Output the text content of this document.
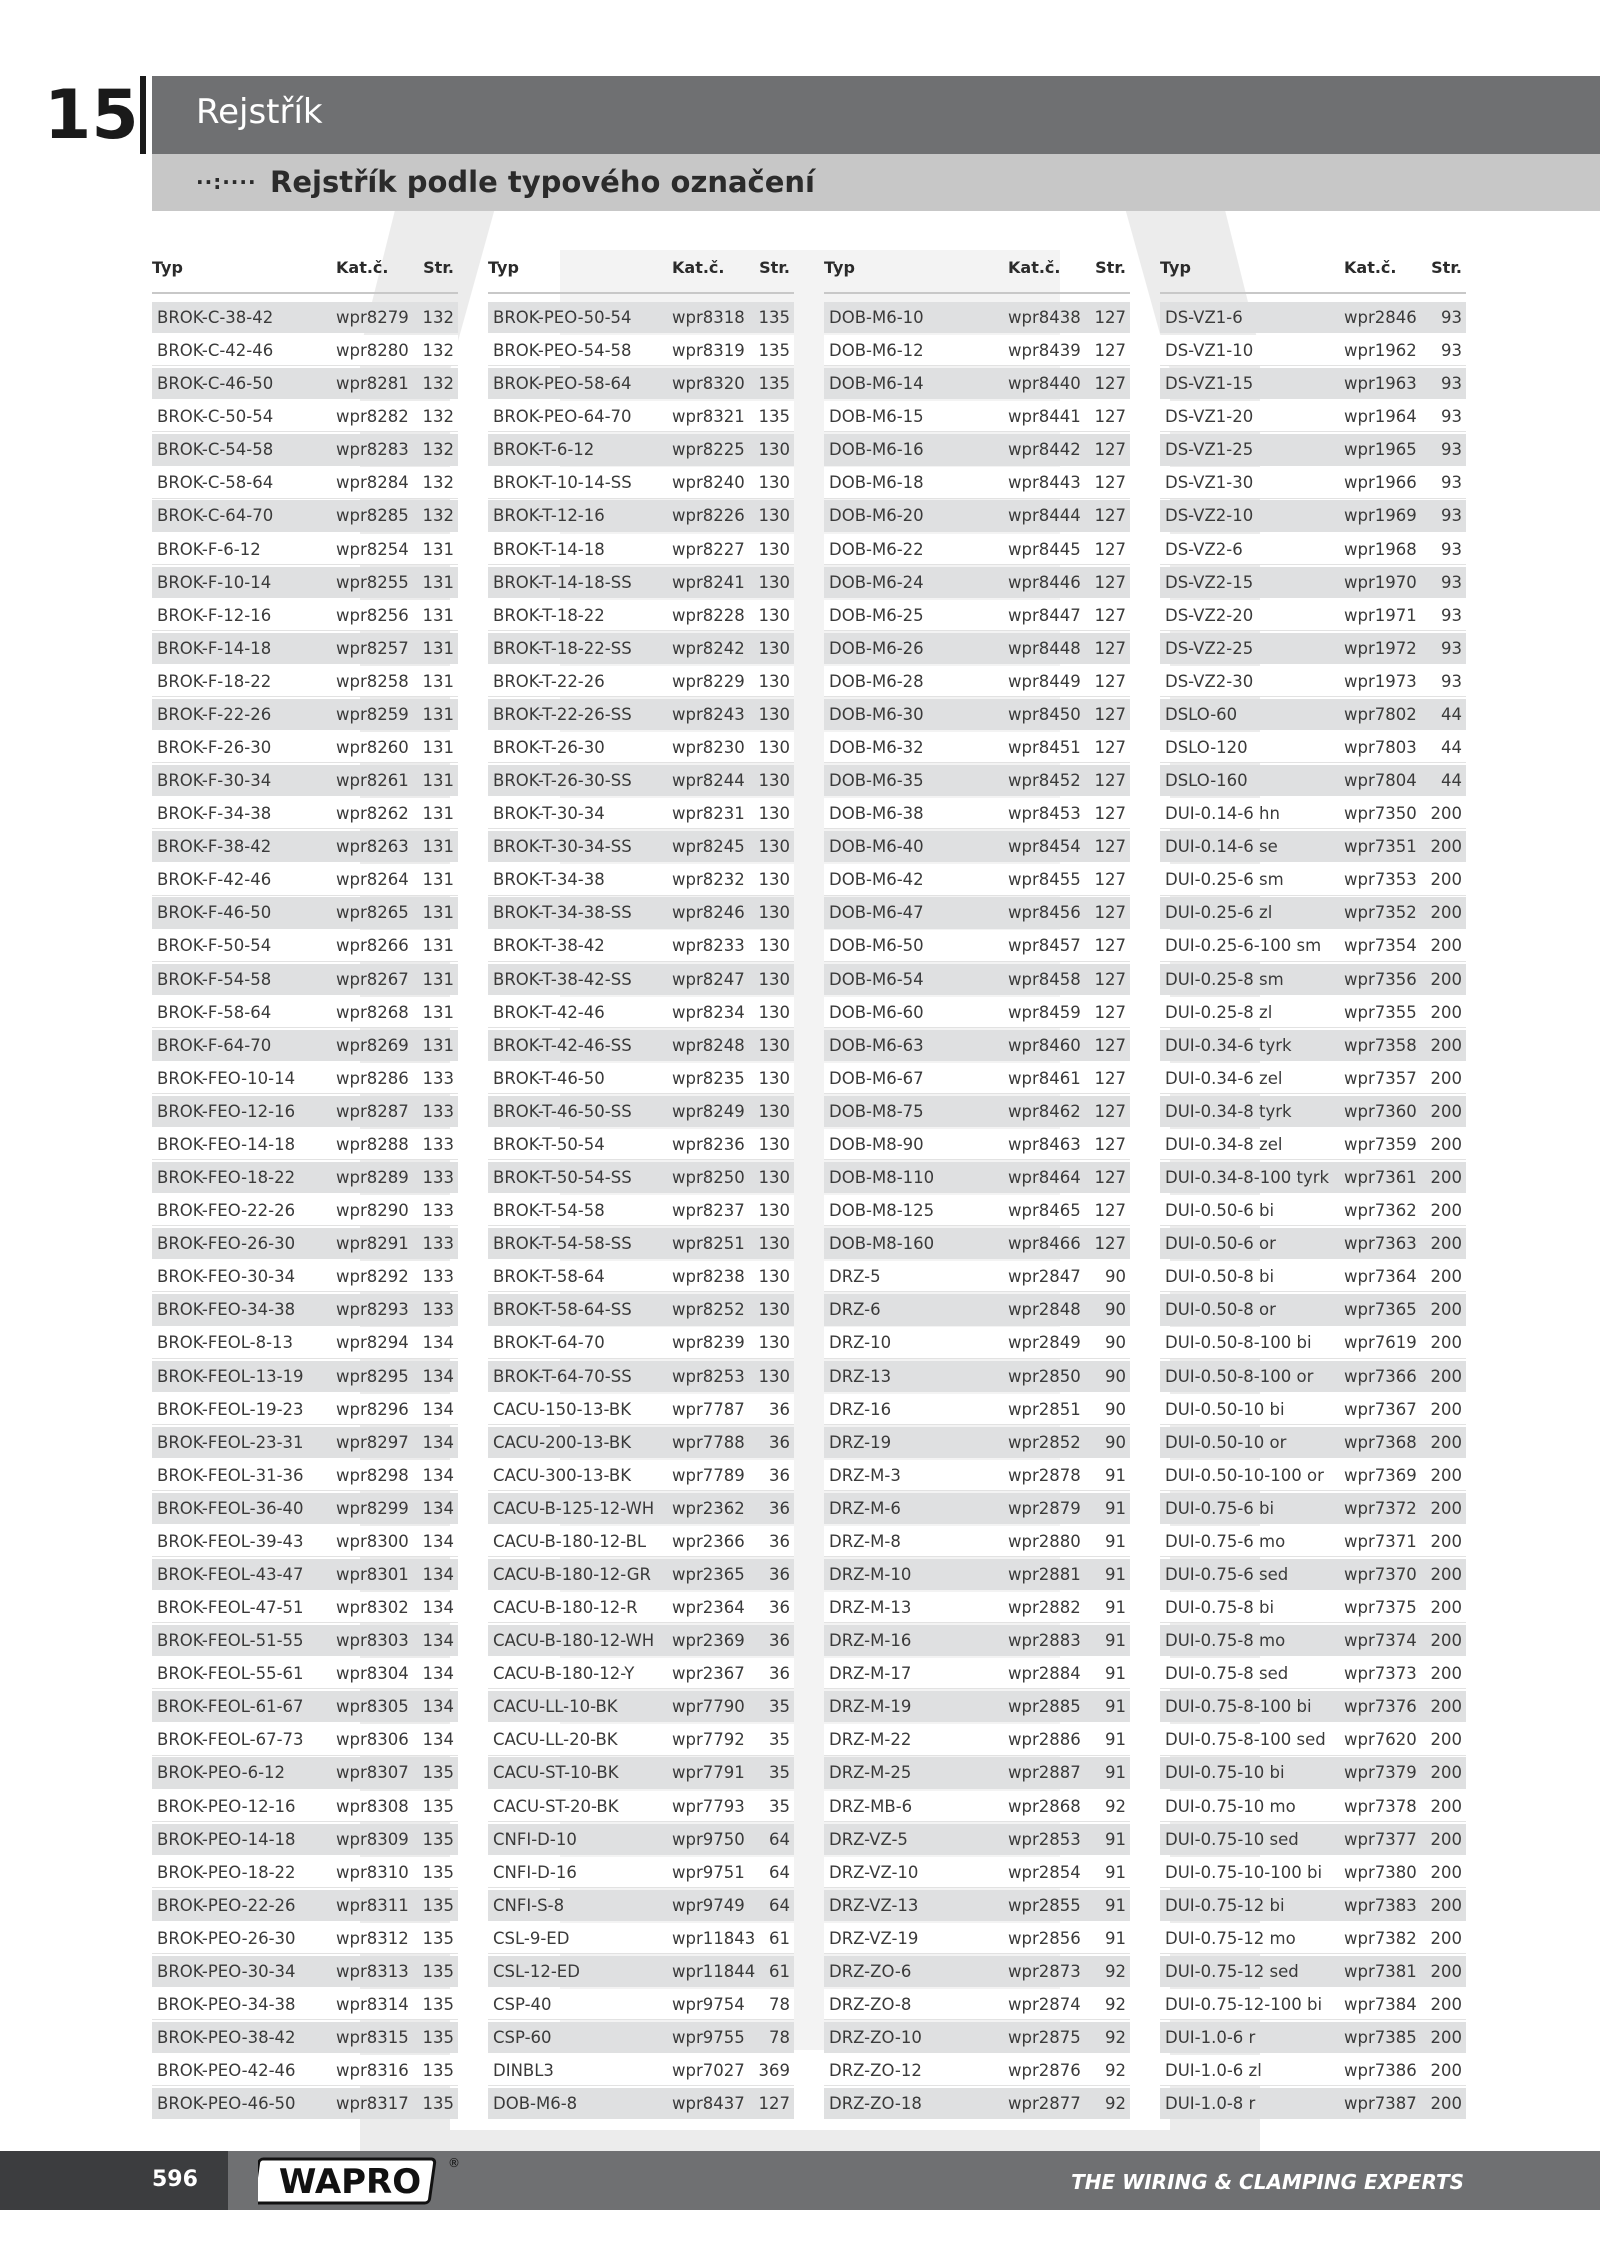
15 Rejstřík
··:···· Rejstřík podle typového označení
Typ	Kat.č. Str.
BROK-C-38-42	wpr8279 132
BROK-C-42-46	wpr8280 132
BROK-C-46-50	wpr8281 132
BROK-C-50-54	wpr8282 132
BROK-C-54-58	wpr8283 132
BROK-C-58-64	wpr8284 132
BROK-C-64-70	wpr8285 132
BROK-F-6-12	wpr8254 131
BROK-F-10-14	wpr8255 131
BROK-F-12-16	wpr8256 131
BROK-F-14-18	wpr8257 131
BROK-F-18-22	wpr8258 131
BROK-F-22-26	wpr8259 131
BROK-F-26-30	wpr8260 131
BROK-F-30-34	wpr8261 131
BROK-F-34-38	wpr8262 131
BROK-F-38-42	wpr8263 131
BROK-F-42-46	wpr8264 131
BROK-F-46-50	wpr8265 131
BROK-F-50-54	wpr8266 131
BROK-F-54-58	wpr8267 131
BROK-F-58-64	wpr8268 131
BROK-F-64-70	wpr8269 131
BROK-FEO-10-14 wpr8286 133
BROK-FEO-12-16 wpr8287 133
BROK-FEO-14-18 wpr8288 133
BROK-FEO-18-22 wpr8289 133
BROK-FEO-22-26 wpr8290 133
BROK-FEO-26-30 wpr8291 133
BROK-FEO-30-34 wpr8292 133
BROK-FEO-34-38 wpr8293 133
BROK-FEOL-8-13	wpr8294 134
BROK-FEOL-13-19 wpr8295 134
BROK-FEOL-19-23 wpr8296 134
BROK-FEOL-23-31 wpr8297 134
BROK-FEOL-31-36 wpr8298 134
BROK-FEOL-36-40 wpr8299 134
BROK-FEOL-39-43 wpr8300 134
BROK-FEOL-43-47 wpr8301 134
BROK-FEOL-47-51 wpr8302 134
BROK-FEOL-51-55 wpr8303 134
BROK-FEOL-55-61 wpr8304 134
BROK-FEOL-61-67 wpr8305 134
BROK-FEOL-67-73 wpr8306 134
BROK-PEO-6-12	wpr8307 135
BROK-PEO-12-16 wpr8308 135
BROK-PEO-14-18 wpr8309 135
BROK-PEO-18-22 wpr8310 135
BROK-PEO-22-26 wpr8311 135
BROK-PEO-26-30 wpr8312 135
BROK-PEO-30-34 wpr8313 135
BROK-PEO-34-38 wpr8314 135
BROK-PEO-38-42 wpr8315 135
BROK-PEO-42-46 wpr8316 135
BROK-PEO-46-50 wpr8317 135
Typ	Kat.č. Str.
BROK-PEO-50-54 wpr8318 135
BROK-PEO-54-58 wpr8319 135
BROK-PEO-58-64 wpr8320 135
BROK-PEO-64-70 wpr8321 135
BROK-T-6-12	wpr8225 130
BROK-T-10-14-SS wpr8240 130
BROK-T-12-16	wpr8226 130
BROK-T-14-18	wpr8227 130
BROK-T-14-18-SS wpr8241 130
BROK-T-18-22	wpr8228 130
BROK-T-18-22-SS wpr8242 130
BROK-T-22-26	wpr8229 130
BROK-T-22-26-SS wpr8243 130
BROK-T-26-30	wpr8230 130
BROK-T-26-30-SS wpr8244 130
BROK-T-30-34	wpr8231 130
BROK-T-30-34-SS wpr8245 130
BROK-T-34-38	wpr8232 130
BROK-T-34-38-SS wpr8246 130
BROK-T-38-42	wpr8233 130
BROK-T-38-42-SS wpr8247 130
BROK-T-42-46	wpr8234 130
BROK-T-42-46-SS wpr8248 130
BROK-T-46-50	wpr8235 130
BROK-T-46-50-SS wpr8249 130
BROK-T-50-54	wpr8236 130
BROK-T-50-54-SS wpr8250 130
BROK-T-54-58	wpr8237 130
BROK-T-54-58-SS wpr8251 130
BROK-T-58-64	wpr8238 130
BROK-T-58-64-SS wpr8252 130
BROK-T-64-70	wpr8239 130
BROK-T-64-70-SS wpr8253 130
CACU-150-13-BK wpr7787 36
CACU-200-13-BK wpr7788 36
CACU-300-13-BK wpr7789 36
CACU-B-125-12-WH wpr2362 36
CACU-B-180-12-BL wpr2366 36
CACU-B-180-12-GR wpr2365 36
CACU-B-180-12-R wpr2364 36
CACU-B-180-12-WH wpr2369 36
CACU-B-180-12-Y wpr2367 36
CACU-LL-10-BK	wpr7790 35
CACU-LL-20-BK	wpr7792 35
CACU-ST-10-BK	wpr7791 35
CACU-ST-20-BK	wpr7793 35
CNFI-D-10	wpr9750 64
CNFI-D-16	wpr9751 64
CNFI-S-8	wpr9749 64
CSL-9-ED	wpr11843 61
CSL-12-ED	wpr11844 61
CSP-40	wpr9754 78
CSP-60	wpr9755 78
DINBL3	wpr7027 369
DOB-M6-8	wpr8437 127
Typ	Kat.č. Str.
DOB-M6-10	wpr8438 127
DOB-M6-12	wpr8439 127
DOB-M6-14	wpr8440 127
DOB-M6-15	wpr8441 127
DOB-M6-16	wpr8442 127
DOB-M6-18	wpr8443 127
DOB-M6-20	wpr8444 127
DOB-M6-22	wpr8445 127
DOB-M6-24	wpr8446 127
DOB-M6-25	wpr8447 127
DOB-M6-26	wpr8448 127
DOB-M6-28	wpr8449 127
DOB-M6-30	wpr8450 127
DOB-M6-32	wpr8451 127
DOB-M6-35	wpr8452 127
DOB-M6-38	wpr8453 127
DOB-M6-40	wpr8454 127
DOB-M6-42	wpr8455 127
DOB-M6-47	wpr8456 127
DOB-M6-50	wpr8457 127
DOB-M6-54	wpr8458 127
DOB-M6-60	wpr8459 127
DOB-M6-63	wpr8460 127
DOB-M6-67	wpr8461 127
DOB-M8-75	wpr8462 127
DOB-M8-90	wpr8463 127
DOB-M8-110	wpr8464 127
DOB-M8-125	wpr8465 127
DOB-M8-160	wpr8466 127
DRZ-5	wpr2847 90
DRZ-6	wpr2848 90
DRZ-10	wpr2849 90
DRZ-13	wpr2850 90
DRZ-16	wpr2851 90
DRZ-19	wpr2852 90
DRZ-M-3	wpr2878 91
DRZ-M-6	wpr2879 91
DRZ-M-8	wpr2880 91
DRZ-M-10	wpr2881 91
DRZ-M-13	wpr2882 91
DRZ-M-16	wpr2883 91
DRZ-M-17	wpr2884 91
DRZ-M-19	wpr2885 91
DRZ-M-22	wpr2886 91
DRZ-M-25	wpr2887 91
DRZ-MB-6	wpr2868 92
DRZ-VZ-5	wpr2853 91
DRZ-VZ-10	wpr2854 91
DRZ-VZ-13	wpr2855 91
DRZ-VZ-19	wpr2856 91
DRZ-ZO-6	wpr2873 92
DRZ-ZO-8	wpr2874 92
DRZ-ZO-10	wpr2875 92
DRZ-ZO-12	wpr2876 92
DRZ-ZO-18	wpr2877 92
Typ	Kat.č. Str.
DS-VZ1-6	wpr2846 93
DS-VZ1-10	wpr1962 93
DS-VZ1-15	wpr1963 93
DS-VZ1-20	wpr1964 93
DS-VZ1-25	wpr1965 93
DS-VZ1-30	wpr1966 93
DS-VZ2-10	wpr1969 93
DS-VZ2-6	wpr1968 93
DS-VZ2-15	wpr1970 93
DS-VZ2-20	wpr1971 93
DS-VZ2-25	wpr1972 93
DS-VZ2-30	wpr1973 93
DSLO-60	wpr7802 44
DSLO-120	wpr7803 44
DSLO-160	wpr7804 44
DUI-0.14-6 hn	wpr7350 200
DUI-0.14-6 se	wpr7351 200
DUI-0.25-6 sm	wpr7353 200
DUI-0.25-6 zl	wpr7352 200
DUI-0.25-6-100 sm wpr7354 200
DUI-0.25-8 sm	wpr7356 200
DUI-0.25-8 zl	wpr7355 200
DUI-0.34-6 tyrk	wpr7358 200
DUI-0.34-6 zel	wpr7357 200
DUI-0.34-8 tyrk	wpr7360 200
DUI-0.34-8 zel	wpr7359 200
DUI-0.34-8-100 tyrk wpr7361 200
DUI-0.50-6 bi	wpr7362 200
DUI-0.50-6 or	wpr7363 200
DUI-0.50-8 bi	wpr7364 200
DUI-0.50-8 or	wpr7365 200
DUI-0.50-8-100 bi wpr7619 200
DUI-0.50-8-100 or wpr7366 200
DUI-0.50-10 bi	wpr7367 200
DUI-0.50-10 or	wpr7368 200
DUI-0.50-10-100 or wpr7369 200
DUI-0.75-6 bi	wpr7372 200
DUI-0.75-6 mo	wpr7371 200
DUI-0.75-6 sed	wpr7370 200
DUI-0.75-8 bi	wpr7375 200
DUI-0.75-8 mo	wpr7374 200
DUI-0.75-8 sed	wpr7373 200
DUI-0.75-8-100 bi wpr7376 200
DUI-0.75-8-100 sed wpr7620 200
DUI-0.75-10 bi	wpr7379 200
DUI-0.75-10 mo	wpr7378 200
DUI-0.75-10 sed	wpr7377 200
DUI-0.75-10-100 bi wpr7380 200
DUI-0.75-12 bi	wpr7383 200
DUI-0.75-12 mo	wpr7382 200
DUI-0.75-12 sed	wpr7381 200
DUI-0.75-12-100 bi wpr7384 200
DUI-1.0-6 r	wpr7385 200
DUI-1.0-6 zl	wpr7386 200
DUI-1.0-8 r	wpr7387 200
596 WAPRO ®
THE WIRING & CLAMPING EXPERTS
